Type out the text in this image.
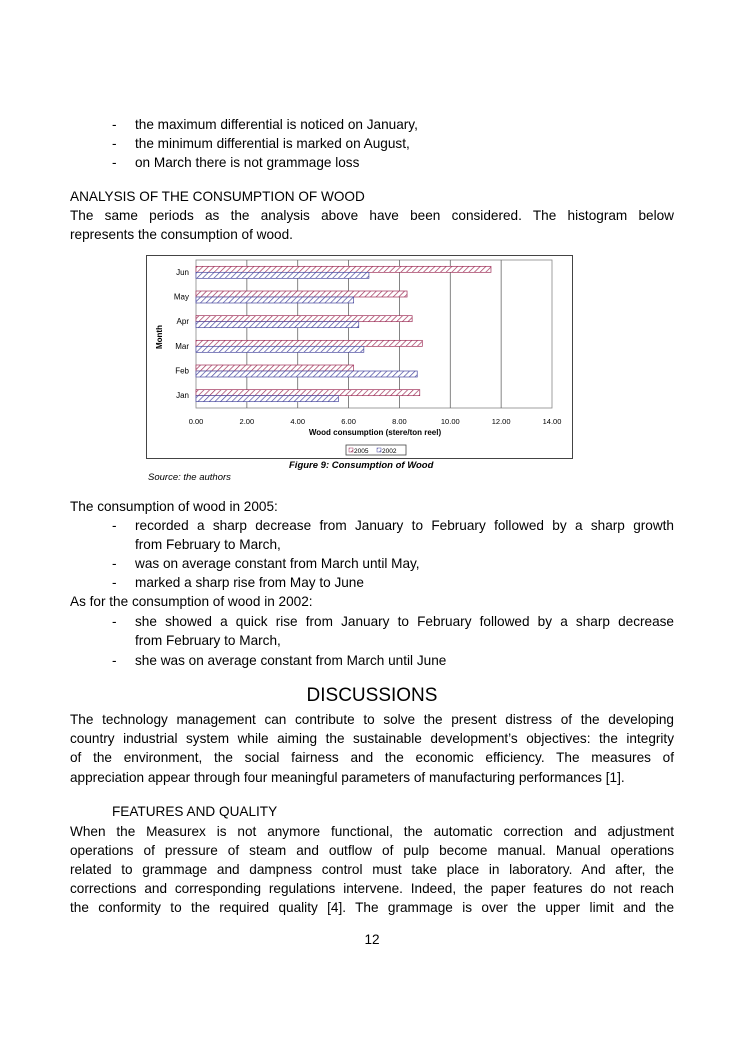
-	the maximum differential is noticed on January,
-	the minimum differential is marked on August,
-	on March there is not grammage loss
ANALYSIS OF THE CONSUMPTION OF WOOD
The same periods as the analysis above have been considered. The histogram below
represents the consumption of wood.
Jan
Feb
Mar
Apr
May
Jun
0.00	2.00	4.00	6.00	8.00	10.00	12.00	14.00
Month
Wood consumption (stere/ton reel)
2005 2002
Figure 9: Consumption of Wood
Source: the authors
The consumption of wood in 2005:
-	recorded a sharp decrease from January to February followed by a sharp growth
from February to March,
-	was on average constant from March until May,
-	marked a sharp rise from May to June
As for the consumption of wood in 2002:
-	she showed a quick rise from January to February followed by a sharp decrease
from February to March,
-	she was on average constant from March until June
DISCUSSIONS
The technology management can contribute to solve the present distress of the developing
country industrial system while aiming the sustainable development’s objectives: the integrity
of the environment, the social fairness and the economic efficiency. The measures of
appreciation appear through four meaningful parameters of manufacturing performances [1].
FEATURES AND QUALITY
When the Measurex is not anymore functional, the automatic correction and adjustment
operations of pressure of steam and outflow of pulp become manual. Manual operations
related to grammage and dampness control must take place in laboratory. And after, the
corrections and corresponding regulations intervene. Indeed, the paper features do not reach
the conformity to the required quality [4]. The grammage is over the upper limit and the
12
